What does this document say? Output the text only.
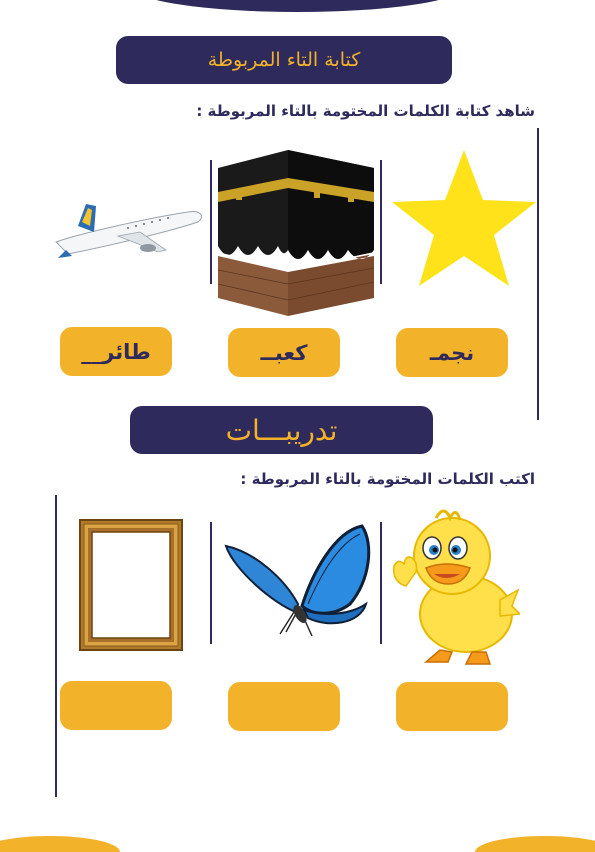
كتابة التاء المربوطة
شاهد كتابة الكلمات المختومة بالتاء المربوطة :
نجمـ
كعبــ
طائر__
تدريبـــات
اكتب الكلمات المختومة بالتاء المربوطة :
